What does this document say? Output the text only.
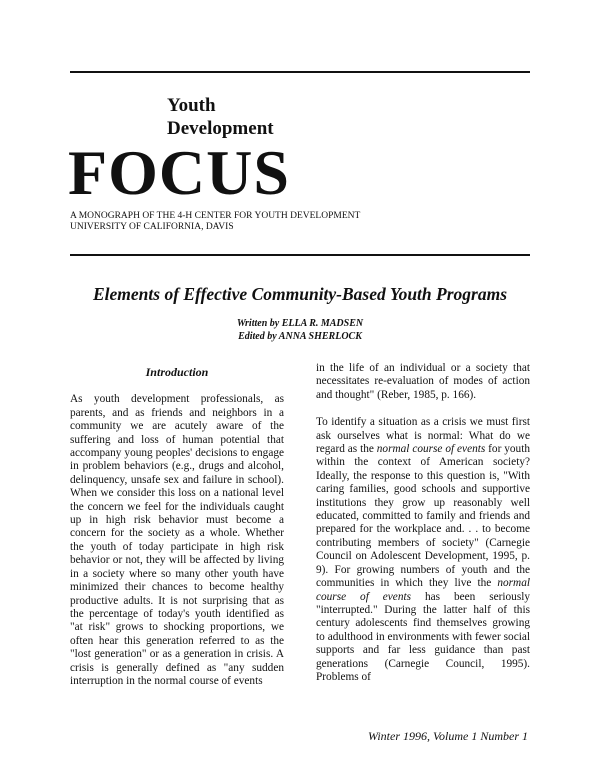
Youth
Development
FOCUS
A MONOGRAPH OF THE 4-H CENTER FOR YOUTH DEVELOPMENT
UNIVERSITY OF CALIFORNIA, DAVIS
Elements of Effective Community-Based Youth Programs
Written by ELLA R. MADSEN
Edited by ANNA SHERLOCK
Introduction

As youth development professionals, as parents, and as friends and neighbors in a community we are acutely aware of the suffering and loss of human potential that accompany young peoples' decisions to engage in problem behaviors (e.g., drugs and alcohol, delinquency, unsafe sex and failure in school). When we consider this loss on a national level the concern we feel for the individuals caught up in high risk behavior must become a concern for the society as a whole. Whether the youth of today participate in high risk behavior or not, they will be affected by living in a society where so many other youth have minimized their chances to become healthy productive adults. It is not surprising that as the percentage of today's youth identified as "at risk" grows to shocking proportions, we often hear this generation referred to as the "lost generation" or as a generation in crisis. A crisis is generally defined as "any sudden interruption in the normal course of events

in the life of an individual or a society that necessitates re-evaluation of modes of action and thought" (Reber, 1985, p. 166).

To identify a situation as a crisis we must first ask ourselves what is normal: What do we regard as the normal course of events for youth within the context of American society? Ideally, the response to this question is, "With caring families, good schools and supportive institutions they grow up reasonably well educated, committed to family and friends and prepared for the workplace and. . . to become contributing members of society" (Carnegie Council on Adolescent Development, 1995, p. 9). For growing numbers of youth and the communities in which they live the normal course of events has been seriously "interrupted." During the latter half of this century adolescents find themselves growing to adulthood in environments with fewer social supports and far less guidance than past generations (Carnegie Council, 1995). Problems of

Winter 1996, Volume 1 Number 1
